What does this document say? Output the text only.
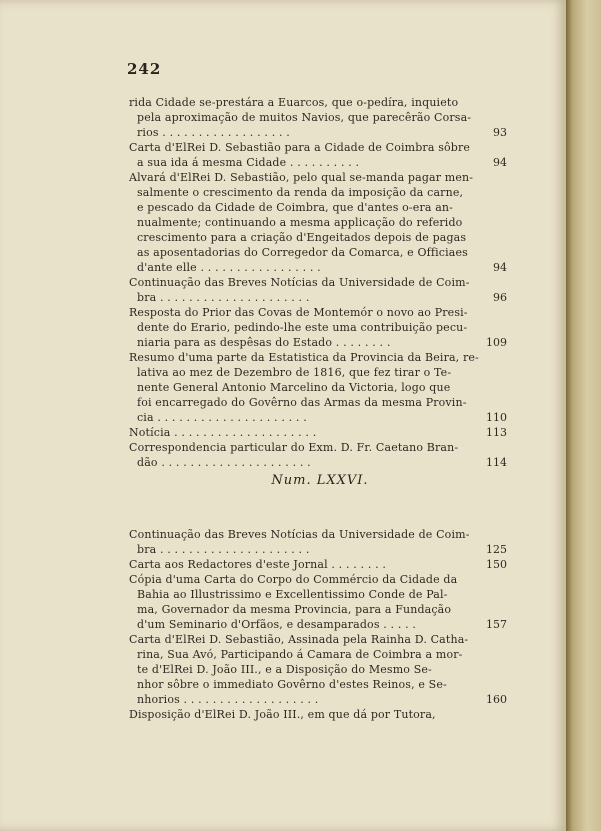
242
rida Cidade se-prestára a Euarcos, que o-pedíra, inquieto
pela aproximação de muitos Navios, que parecêrão Corsa-
rios . . . . . . . . . . . . . . . . . .	93
Carta d'ElRei D. Sebastião para a Cidade de Coimbra sôbre
a sua ida á mesma Cidade . . . . . . . . . .	94
Alvará d'ElRei D. Sebastião, pelo qual se-manda pagar men-
salmente o crescimento da renda da imposição da carne,
e pescado da Cidade de Coimbra, que d'antes o-era an-
nualmente; continuando a mesma applicação do referido
crescimento para a criação d'Engeitados depois de pagas
as aposentadorias do Corregedor da Comarca, e Officiaes
d'ante elle . . . . . . . . . . . . . . . . .	94
Continuação das Breves Notícias da Universidade de Coim-
bra . . . . . . . . . . . . . . . . . . . . .	96
Resposta do Prior das Covas de Montemór o novo ao Presi-
dente do Erario, pedindo-lhe este uma contribuição pecu-
niaria para as despêsas do Estado . . . . . . . .	109
Resumo d'uma parte da Estatistica da Provincia da Beira, re-
lativa ao mez de Dezembro de 1816, que fez tirar o Te-
nente General Antonio Marcelino da Victoria, logo que
foi encarregado do Govêrno das Armas da mesma Provin-
cia . . . . . . . . . . . . . . . . . . . . .	110
Notícia . . . . . . . . . . . . . . . . . . . .	113
Correspondencia particular do Exm. D. Fr. Caetano Bran-
dão . . . . . . . . . . . . . . . . . . . . .	114
Num. LXXVI.
Continuação das Breves Notícias da Universidade de Coim-
bra . . . . . . . . . . . . . . . . . . . . .	125
Carta aos Redactores d'este Jornal . . . . . . . .	150
Cópia d'uma Carta do Corpo do Commércio da Cidade da
Bahia ao Illustrissimo e Excellentissimo Conde de Pal-
ma, Governador da mesma Provincia, para a Fundação
d'um Seminario d'Orfãos, e desamparados . . . . .	157
Carta d'ElRei D. Sebastião, Assinada pela Rainha D. Catha-
rina, Sua Avó, Participando á Camara de Coimbra a mor-
te d'ElRei D. João III., e a Disposição do Mesmo Se-
nhor sôbre o immediato Govêrno d'estes Reinos, e Se-
nhorios . . . . . . . . . . . . . . . . . . .	160
Disposição d'ElRei D. João III., em que dá por Tutora,
